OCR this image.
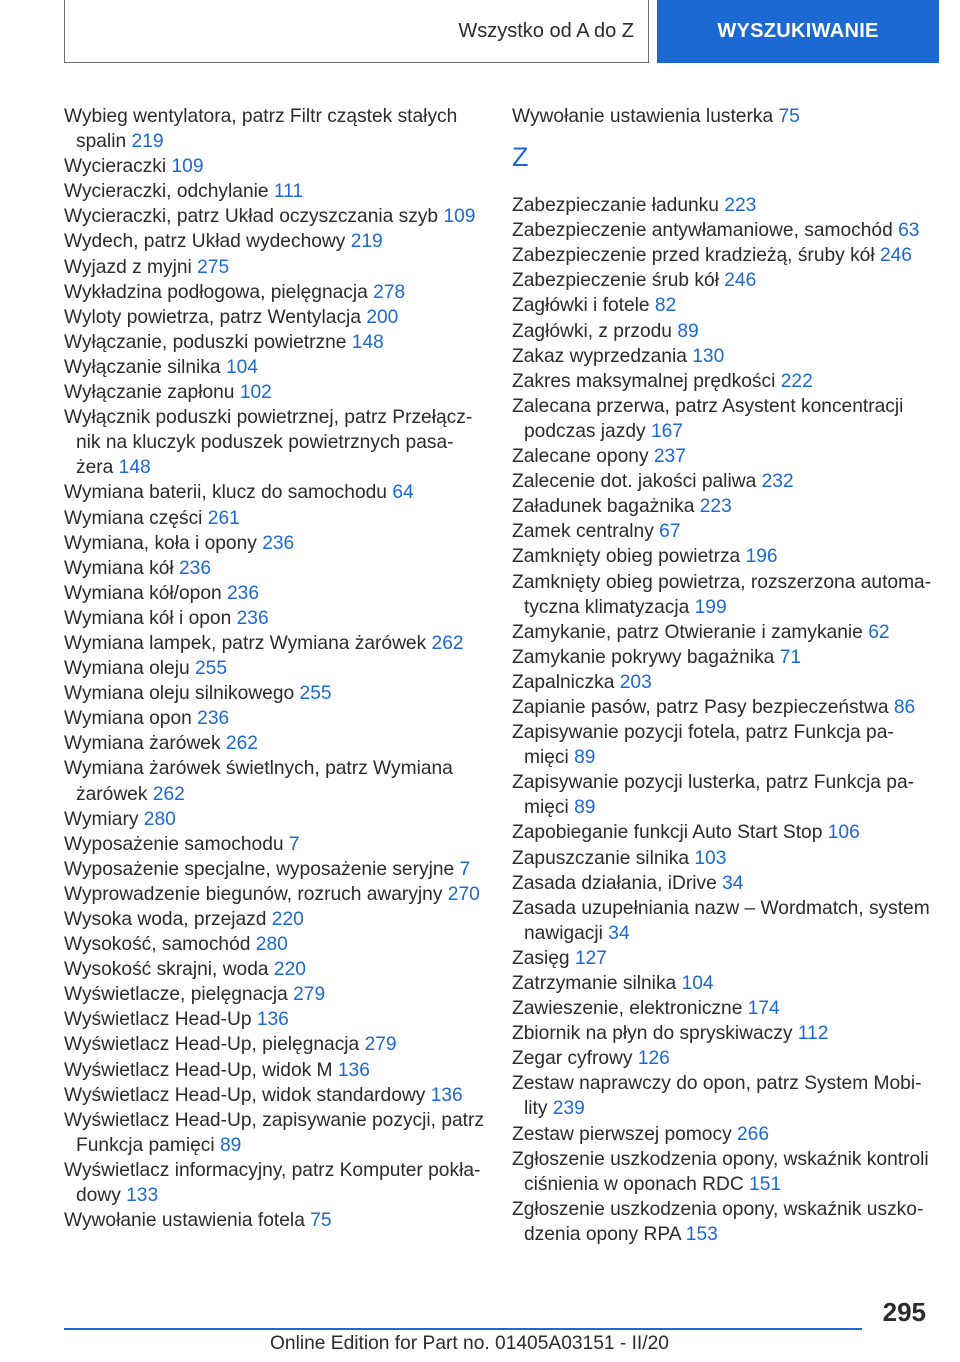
Wszystko od A do Z	WYSZUKIWANIE
Wybieg wentylatora, patrz Filtr cząstek stałych spalin 219
Wycieraczki 109
Wycieraczki, odchylanie 111
Wycieraczki, patrz Układ oczyszczania szyb 109
Wydech, patrz Układ wydechowy 219
Wyjazd z myjni 275
Wykładzina podłogowa, pielęgnacja 278
Wyloty powietrza, patrz Wentylacja 200
Wyłączanie, poduszki powietrzne 148
Wyłączanie silnika 104
Wyłączanie zapłonu 102
Wyłącznik poduszki powietrznej, patrz Przełącznik na kluczyk poduszek powietrznych pasażera 148
Wymiana baterii, klucz do samochodu 64
Wymiana części 261
Wymiana, koła i opony 236
Wymiana kół 236
Wymiana kół/opon 236
Wymiana kół i opon 236
Wymiana lampek, patrz Wymiana żarówek 262
Wymiana oleju 255
Wymiana oleju silnikowego 255
Wymiana opon 236
Wymiana żarówek 262
Wymiana żarówek świetlnych, patrz Wymiana żarówek 262
Wymiary 280
Wyposażenie samochodu 7
Wyposażenie specjalne, wyposażenie seryjne 7
Wyprowadzenie biegunów, rozruch awaryjny 270
Wysoka woda, przejazd 220
Wysokość, samochód 280
Wysokość skrajni, woda 220
Wyświetlacze, pielęgnacja 279
Wyświetlacz Head-Up 136
Wyświetlacz Head-Up, pielęgnacja 279
Wyświetlacz Head-Up, widok M 136
Wyświetlacz Head-Up, widok standardowy 136
Wyświetlacz Head-Up, zapisywanie pozycji, patrz Funkcja pamięci 89
Wyświetlacz informacyjny, patrz Komputer pokładowy 133
Wywołanie ustawienia fotela 75
Wywołanie ustawienia lusterka 75
Z
Zabezpieczanie ładunku 223
Zabezpieczenie antywłamaniowe, samochód 63
Zabezpieczenie przed kradzieżą, śruby kół 246
Zabezpieczenie śrub kół 246
Zagłówki i fotele 82
Zagłówki, z przodu 89
Zakaz wyprzedzania 130
Zakres maksymalnej prędkości 222
Zalecana przerwa, patrz Asystent koncentracji podczas jazdy 167
Zalecane opony 237
Zalecenie dot. jakości paliwa 232
Załadunek bagażnika 223
Zamek centralny 67
Zamknięty obieg powietrza 196
Zamknięty obieg powietrza, rozszerzona automatyczna klimatyzacja 199
Zamykanie, patrz Otwieranie i zamykanie 62
Zamykanie pokrywy bagażnika 71
Zapalniczka 203
Zapianie pasów, patrz Pasy bezpieczeństwa 86
Zapisywanie pozycji fotela, patrz Funkcja pamięci 89
Zapisywanie pozycji lusterka, patrz Funkcja pamięci 89
Zapobieganie funkcji Auto Start Stop 106
Zapuszczanie silnika 103
Zasada działania, iDrive 34
Zasada uzupełniania nazw – Wordmatch, system nawigacji 34
Zasięg 127
Zatrzymanie silnika 104
Zawieszenie, elektroniczne 174
Zbiornik na płyn do spryskiwaczy 112
Zegar cyfrowy 126
Zestaw naprawczy do opon, patrz System Mobility 239
Zestaw pierwszej pomocy 266
Zgłoszenie uszkodzenia opony, wskaźnik kontroli ciśnienia w oponach RDC 151
Zgłoszenie uszkodzenia opony, wskaźnik uszkodzenia opony RPA 153
295
Online Edition for Part no. 01405A03151 - II/20
